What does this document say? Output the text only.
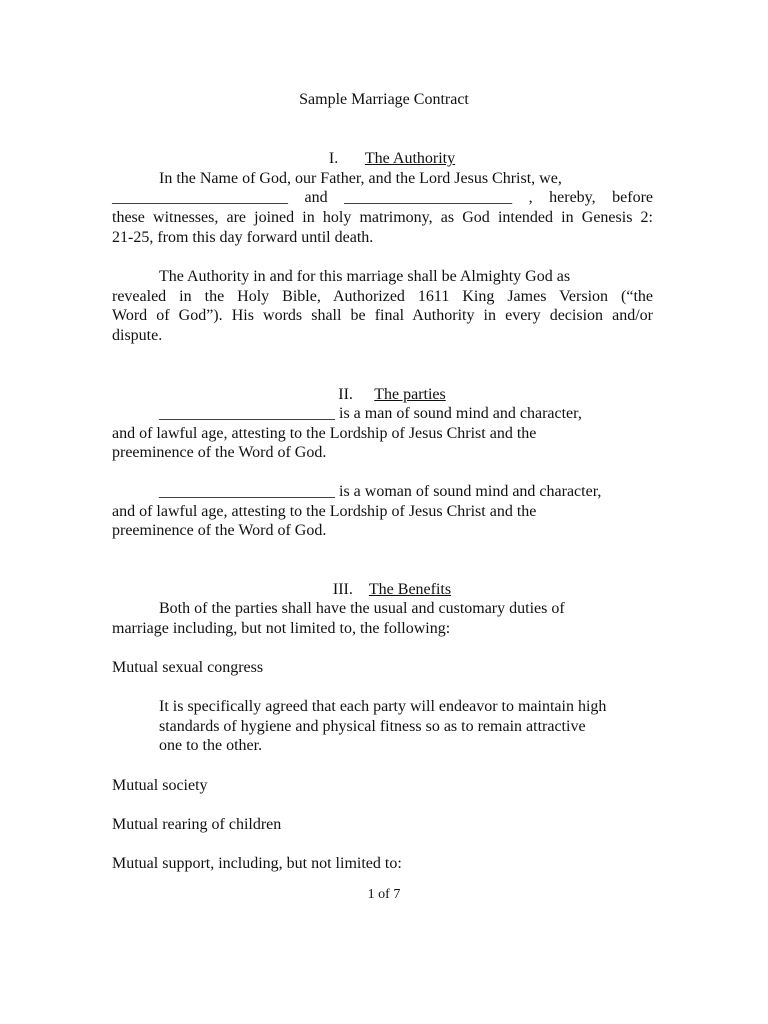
Sample Marriage Contract

I. The Authority

In the Name of God, our Father, and the Lord Jesus Christ, we,
______________________ and _____________________ , hereby, before
these witnesses, are joined in holy matrimony, as God intended in Genesis 2:
21-25, from this day forward until death.
The Authority in and for this marriage shall be Almighty God as
revealed in the Holy Bible, Authorized 1611 King James Version (“the
Word of God”). His words shall be final Authority in every decision and/or
dispute.

II. The parties

______________________ is a man of sound mind and character,
and of lawful age, attesting to the Lordship of Jesus Christ and the
preeminence of the Word of God.
______________________ is a woman of sound mind and character,
and of lawful age, attesting to the Lordship of Jesus Christ and the
preeminence of the Word of God.

III. The Benefits

Both of the parties shall have the usual and customary duties of
marriage including, but not limited to, the following:
Mutual sexual congress
It is specifically agreed that each party will endeavor to maintain high
standards of hygiene and physical fitness so as to remain attractive
one to the other.
Mutual society
Mutual rearing of children
Mutual support, including, but not limited to:
1 of 7
